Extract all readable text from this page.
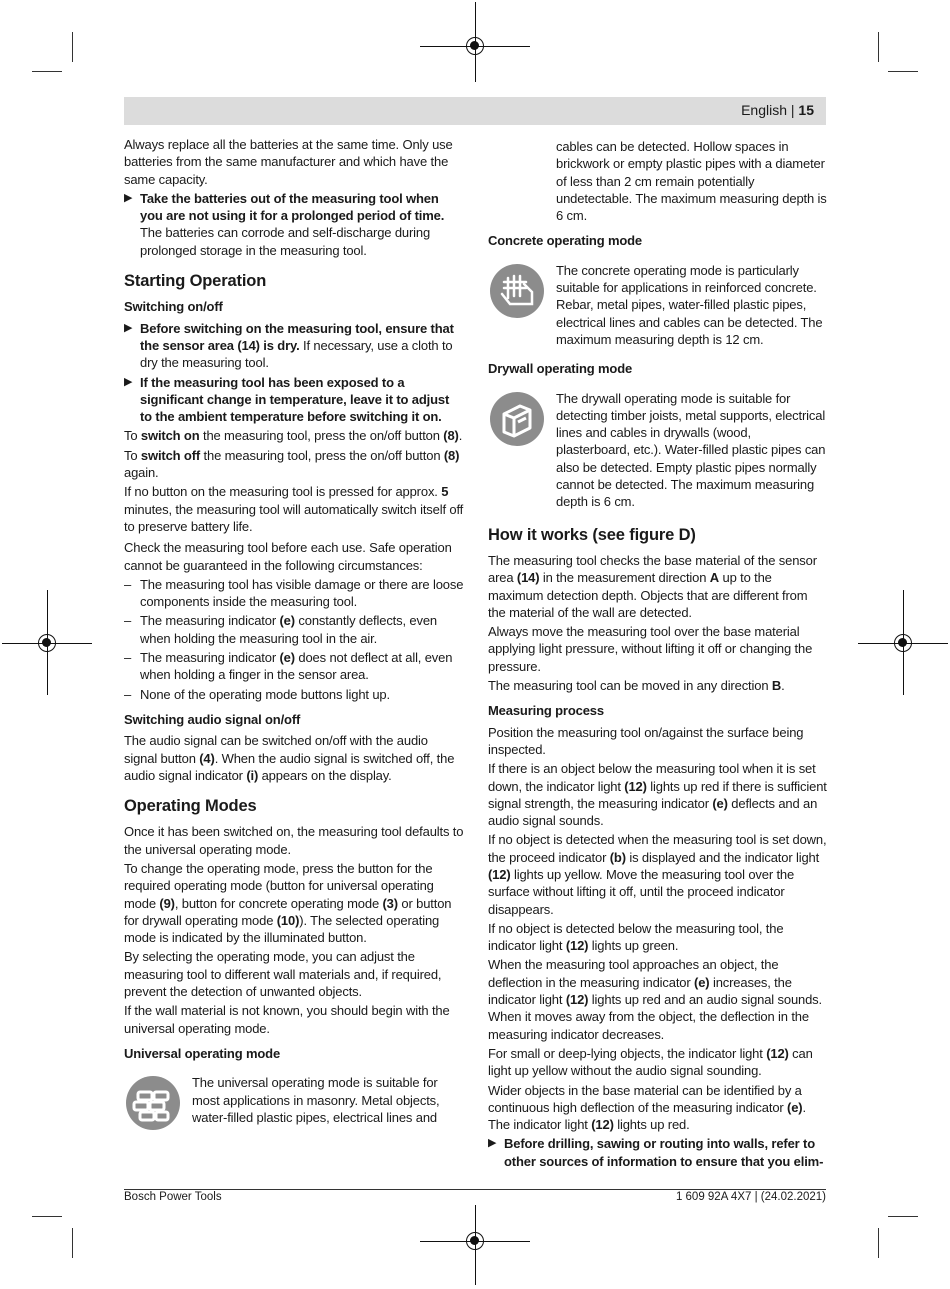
English | 15

Always replace all the batteries at the same time. Only use batteries from the same manufacturer and which have the same capacity.

▶ Take the batteries out of the measuring tool when you are not using it for a prolonged period of time. The batteries can corrode and self-discharge during prolonged storage in the measuring tool.

Starting Operation
Switching on/off

▶ Before switching on the measuring tool, ensure that the sensor area (14) is dry. If necessary, use a cloth to dry the measuring tool.

▶ If the measuring tool has been exposed to a significant change in temperature, leave it to adjust to the ambient temperature before switching it on.

To switch on the measuring tool, press the on/off button (8).

To switch off the measuring tool, press the on/off button (8) again.

If no button on the measuring tool is pressed for approx. 5 minutes, the measuring tool will automatically switch itself off to preserve battery life.

Check the measuring tool before each use. Safe operation cannot be guaranteed in the following circumstances:

– The measuring tool has visible damage or there are loose components inside the measuring tool.

– The measuring indicator (e) constantly deflects, even when holding the measuring tool in the air.

– The measuring indicator (e) does not deflect at all, even when holding a finger in the sensor area.

– None of the operating mode buttons light up.

Switching audio signal on/off

The audio signal can be switched on/off with the audio signal button (4). When the audio signal is switched off, the audio signal indicator (i) appears on the display.

Operating Modes

Once it has been switched on, the measuring tool defaults to the universal operating mode.

To change the operating mode, press the button for the required operating mode (button for universal operating mode (9), button for concrete operating mode (3) or button for drywall operating mode (10)). The selected operating mode is indicated by the illuminated button.

By selecting the operating mode, you can adjust the measuring tool to different wall materials and, if required, prevent the detection of unwanted objects.

If the wall material is not known, you should begin with the universal operating mode.

Universal operating mode

The universal operating mode is suitable for most applications in masonry. Metal objects, water-filled plastic pipes, electrical lines and

cables can be detected. Hollow spaces in brickwork or empty plastic pipes with a diameter of less than 2 cm remain potentially undetectable. The maximum measuring depth is 6 cm.

Concrete operating mode

The concrete operating mode is particularly suitable for applications in reinforced concrete. Rebar, metal pipes, water-filled plastic pipes, electrical lines and cables can be detected. The maximum measuring depth is 12 cm.

Drywall operating mode

The drywall operating mode is suitable for detecting timber joists, metal supports, electrical lines and cables in drywalls (wood, plasterboard, etc.). Water-filled plastic pipes can also be detected. Empty plastic pipes normally cannot be detected. The maximum measuring depth is 6 cm.

How it works (see figure D)

The measuring tool checks the base material of the sensor area (14) in the measurement direction A up to the maximum detection depth. Objects that are different from the material of the wall are detected.

Always move the measuring tool over the base material applying light pressure, without lifting it off or changing the pressure.

The measuring tool can be moved in any direction B.

Measuring process

Position the measuring tool on/against the surface being inspected.

If there is an object below the measuring tool when it is set down, the indicator light (12) lights up red if there is sufficient signal strength, the measuring indicator (e) deflects and an audio signal sounds.

If no object is detected when the measuring tool is set down, the proceed indicator (b) is displayed and the indicator light (12) lights up yellow. Move the measuring tool over the surface without lifting it off, until the proceed indicator disappears.

If no object is detected below the measuring tool, the indicator light (12) lights up green.

When the measuring tool approaches an object, the deflection in the measuring indicator (e) increases, the indicator light (12) lights up red and an audio signal sounds. When it moves away from the object, the deflection in the measuring indicator decreases.

For small or deep-lying objects, the indicator light (12) can light up yellow without the audio signal sounding.

Wider objects in the base material can be identified by a continuous high deflection of the measuring indicator (e). The indicator light (12) lights up red.

▶ Before drilling, sawing or routing into walls, refer to other sources of information to ensure that you elim-

Bosch Power Tools	1 609 92A 4X7 | (24.02.2021)
